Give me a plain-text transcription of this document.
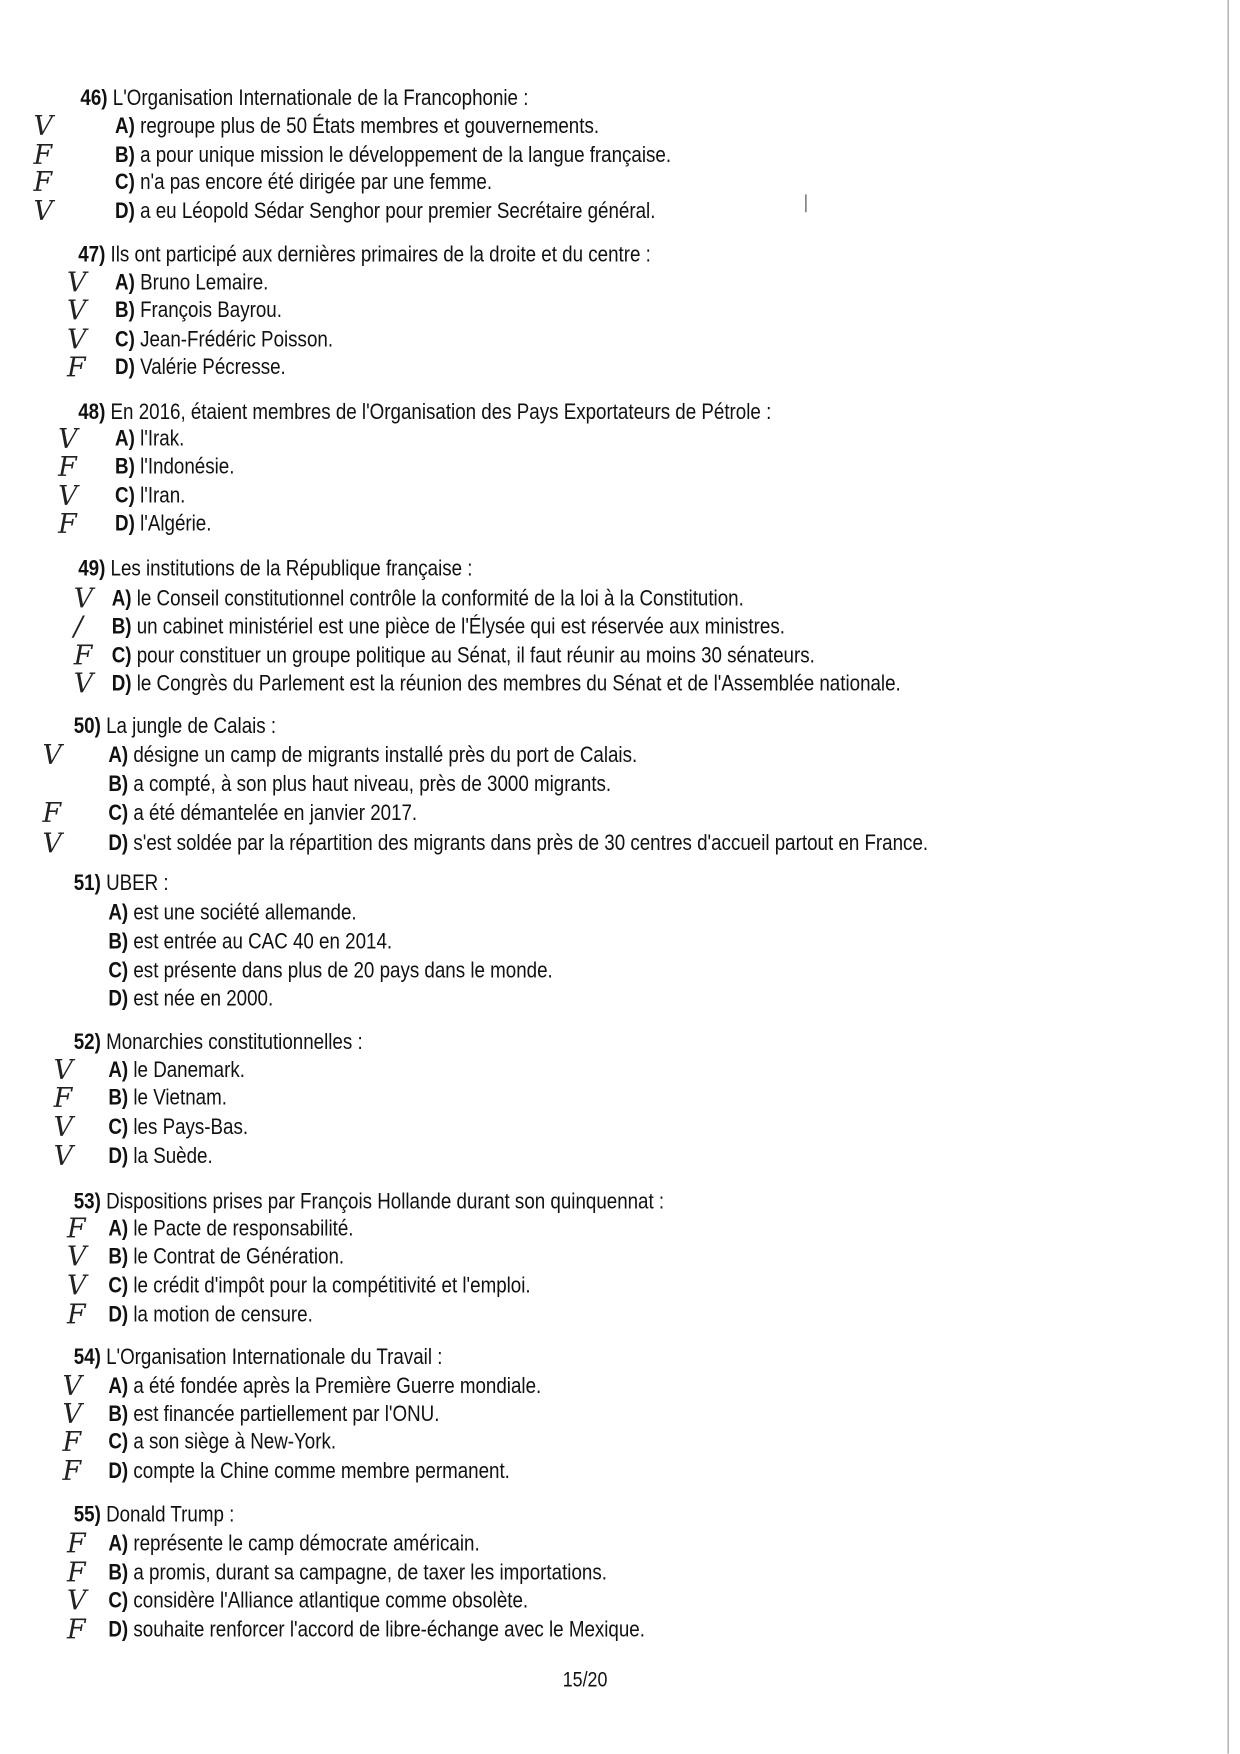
46) L'Organisation Internationale de la Francophonie :
A) regroupe plus de 50 États membres et gouvernements.
V
B) a pour unique mission le développement de la langue française.
F
C) n'a pas encore été dirigée par une femme.
F
D) a eu Léopold Sédar Senghor pour premier Secrétaire général.
V
47) Ils ont participé aux dernières primaires de la droite et du centre :
A) Bruno Lemaire.
V
B) François Bayrou.
V
C) Jean-Frédéric Poisson.
V
D) Valérie Pécresse.
F
48) En 2016, étaient membres de l'Organisation des Pays Exportateurs de Pétrole :
A) l'Irak.
V
B) l'Indonésie.
F
C) l'Iran.
V
D) l'Algérie.
F
49) Les institutions de la République française :
A) le Conseil constitutionnel contrôle la conformité de la loi à la Constitution.
V
B) un cabinet ministériel est une pièce de l'Élysée qui est réservée aux ministres.
/
C) pour constituer un groupe politique au Sénat, il faut réunir au moins 30 sénateurs.
F
D) le Congrès du Parlement est la réunion des membres du Sénat et de l'Assemblée nationale.
V
50) La jungle de Calais :
A) désigne un camp de migrants installé près du port de Calais.
V
B) a compté, à son plus haut niveau, près de 3000 migrants.
C) a été démantelée en janvier 2017.
F
D) s'est soldée par la répartition des migrants dans près de 30 centres d'accueil partout en France.
V
51) UBER :
A) est une société allemande.
B) est entrée au CAC 40 en 2014.
C) est présente dans plus de 20 pays dans le monde.
D) est née en 2000.
52) Monarchies constitutionnelles :
A) le Danemark.
V
B) le Vietnam.
F
C) les Pays-Bas.
V
D) la Suède.
V
53) Dispositions prises par François Hollande durant son quinquennat :
A) le Pacte de responsabilité.
F
B) le Contrat de Génération.
V
C) le crédit d'impôt pour la compétitivité et l'emploi.
V
D) la motion de censure.
F
54) L'Organisation Internationale du Travail :
A) a été fondée après la Première Guerre mondiale.
V
B) est financée partiellement par l'ONU.
V
C) a son siège à New-York.
F
D) compte la Chine comme membre permanent.
F
55) Donald Trump :
A) représente le camp démocrate américain.
F
B) a promis, durant sa campagne, de taxer les importations.
F
C) considère l'Alliance atlantique comme obsolète.
V
D) souhaite renforcer l'accord de libre-échange avec le Mexique.
F
15/20
